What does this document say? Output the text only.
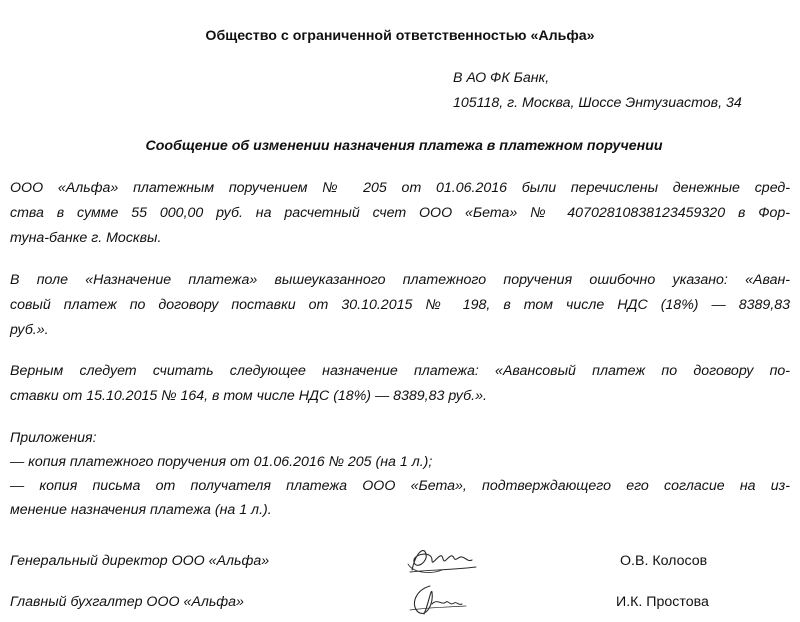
Общество с ограниченной ответственностью «Альфа»
В АО ФК Банк,
105118, г. Москва, Шоссе Энтузиастов, 34
Сообщение об изменении назначения платежа в платежном поручении
ООО «Альфа» платежным поручением № 205 от 01.06.2016 были перечислены денежные сред-
ства в сумме 55 000,00 руб. на расчетный счет ООО «Бета» № 40702810838123459320 в Фор-
туна-банке г. Москвы.
В поле «Назначение платежа» вышеуказанного платежного поручения ошибочно указано: «Аван-
совый платеж по договору поставки от 30.10.2015 № 198, в том числе НДС (18%) — 8389,83
руб.».
Верным следует считать следующее назначение платежа: «Авансовый платеж по договору по-
ставки от 15.10.2015 № 164, в том числе НДС (18%) — 8389,83 руб.».
Приложения:
— копия платежного поручения от 01.06.2016 № 205 (на 1 л.);
— копия письма от получателя платежа ООО «Бета», подтверждающего его согласие на из-
менение назначения платежа (на 1 л.).
Генеральный директор ООО «Альфа»	О.В. Колосов
Главный бухгалтер ООО «Альфа»	И.К. Простова
